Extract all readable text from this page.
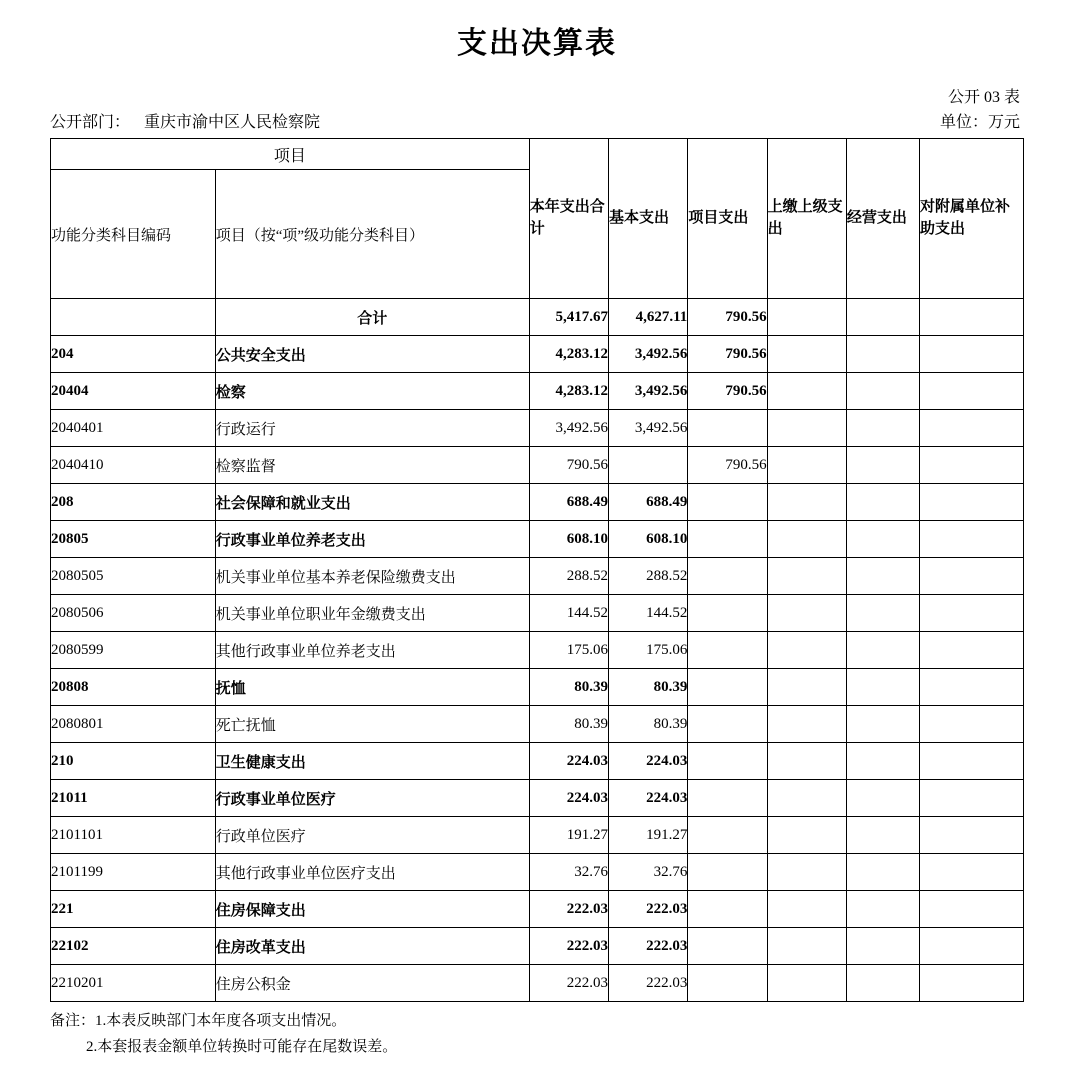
支出决算表
公开 03 表
公开部门： 重庆市渝中区人民检察院	单位：万元
项目		本年支出合计	基本支出	项目支出	上缴上级支出	经营支出	对附属单位补助支出
功能分类科目编码	项目（按“项”级功能分类科目）						
	合计	5,417.67	4,627.11	790.56			
204	公共安全支出	4,283.12	3,492.56	790.56			
20404	检察	4,283.12	3,492.56	790.56			
2040401	行政运行	3,492.56	3,492.56				
2040410	检察监督	790.56		790.56			
208	社会保障和就业支出	688.49	688.49				
20805	行政事业单位养老支出	608.10	608.10				
2080505	机关事业单位基本养老保险缴费支出	288.52	288.52				
2080506	机关事业单位职业年金缴费支出	144.52	144.52				
2080599	其他行政事业单位养老支出	175.06	175.06				
20808	抚恤	80.39	80.39				
2080801	死亡抚恤	80.39	80.39				
210	卫生健康支出	224.03	224.03				
21011	行政事业单位医疗	224.03	224.03				
2101101	行政单位医疗	191.27	191.27				
2101199	其他行政事业单位医疗支出	32.76	32.76				
221	住房保障支出	222.03	222.03				
22102	住房改革支出	222.03	222.03				
2210201	住房公积金	222.03	222.03				
备注：1.本表反映部门本年度各项支出情况。
2.本套报表金额单位转换时可能存在尾数误差。
